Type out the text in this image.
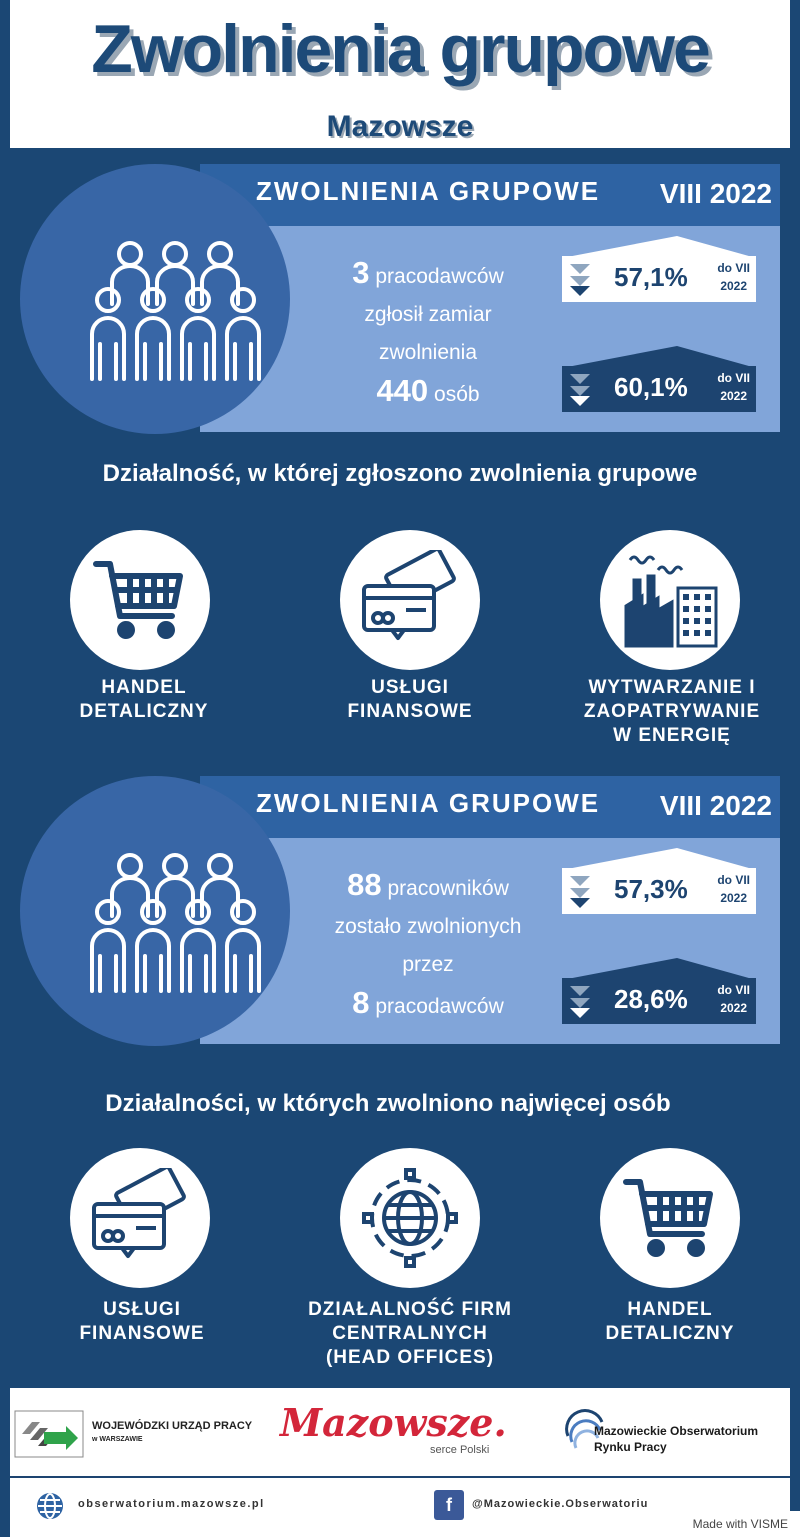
Zwolnienia grupowe
Mazowsze
ZWOLNIENIA GRUPOWE VIII 2022
3 pracodawców
zgłosił zamiar
zwolnienia
440 osób
57,1% do VII
2022
60,1% do VII
2022
Działalność, w której zgłoszono zwolnienia grupowe
HANDEL
DETALICZNY
USŁUGI
FINANSOWE
WYTWARZANIE I
ZAOPATRYWANIE
W ENERGIĘ
ZWOLNIENIA GRUPOWE VIII 2022
88 pracowników
zostało zwolnionych
przez
8 pracodawców
57,3% do VII
2022
28,6% do VII
2022
Działalności, w których zwolniono najwięcej osób
USŁUGI
FINANSOWE
DZIAŁALNOŚĆ FIRM
CENTRALNYCH
(HEAD OFFICES)
HANDEL
DETALICZNY
WOJEWÓDZKI URZĄD PRACY
w WARSZAWIE	Mazowsze.
serce Polski
Mazowieckie Obserwatorium
Rynku Pracy
obserwatorium.mazowsze.pl	f	@Mazowieckie.Obserwatoriu
Made with VISME
